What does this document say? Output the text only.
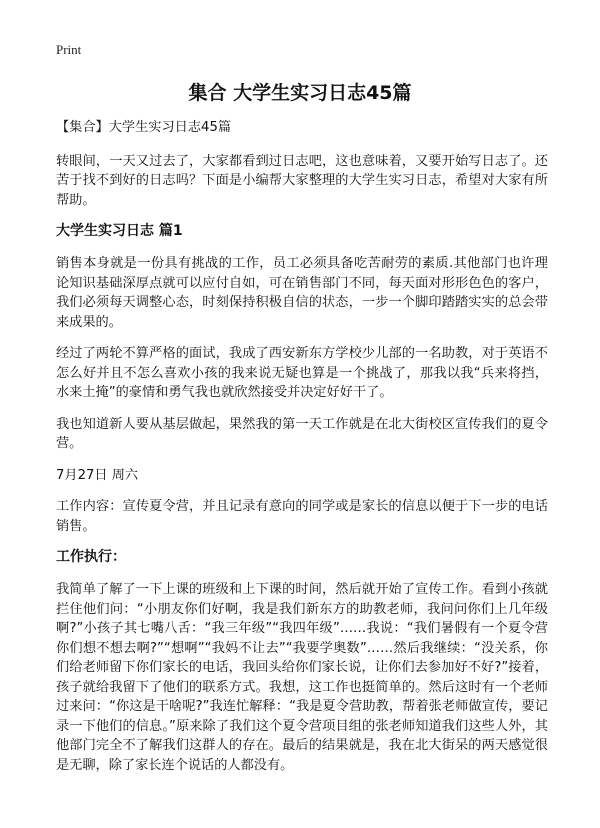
Print
集合 大学生实习日志45篇

【集合】大学生实习日志45篇

转眼间，一天又过去了，大家都看到过日志吧，这也意味着，又要开始写日志了。还苦于找不到好的日志吗？下面是小编帮大家整理的大学生实习日志，希望对大家有所帮助。

大学生实习日志 篇1

销售本身就是一份具有挑战的工作，员工必须具备吃苦耐劳的素质.其他部门也许理论知识基础深厚点就可以应付自如，可在销售部门不同，每天面对形形色色的客户，我们必须每天调整心态，时刻保持积极自信的状态，一步一个脚印踏踏实实的总会带来成果的。

经过了两轮不算严格的面试，我成了西安新东方学校少儿部的一名助教，对于英语不怎么好并且不怎么喜欢小孩的我来说无疑也算是一个挑战了，那我以我“兵来将挡，水来土掩”的豪情和勇气我也就欣然接受并决定好好干了。

我也知道新人要从基层做起，果然我的第一天工作就是在北大街校区宣传我们的夏令营。

7月27日 周六

工作内容：宣传夏令营，并且记录有意向的同学或是家长的信息以便于下一步的电话销售。

工作执行：

我简单了解了一下上课的班级和上下课的时间，然后就开始了宣传工作。看到小孩就拦住他们问：“小朋友你们好啊，我是我们新东方的助教老师，我问问你们上几年级啊?”小孩子其七嘴八舌：“我三年级”“我四年级”……我说：“我们暑假有一个夏令营你们想不想去啊?”“想啊”“我妈不让去”“我要学奥数”……然后我继续：“没关系，你们给老师留下你们家长的电话，我回头给你们家长说，让你们去参加好不好?”接着，孩子就给我留下了他们的联系方式。我想，这工作也挺简单的。然后这时有一个老师过来问：“你这是干啥呢?”我连忙解释：“我是夏令营助教，帮着张老师做宣传，要记录一下他们的信息。”原来除了我们这个夏令营项目组的张老师知道我们这些人外，其他部门完全不了解我们这群人的存在。最后的结果就是，我在北大街呆的两天感觉很是无聊，除了家长连个说话的人都没有。
